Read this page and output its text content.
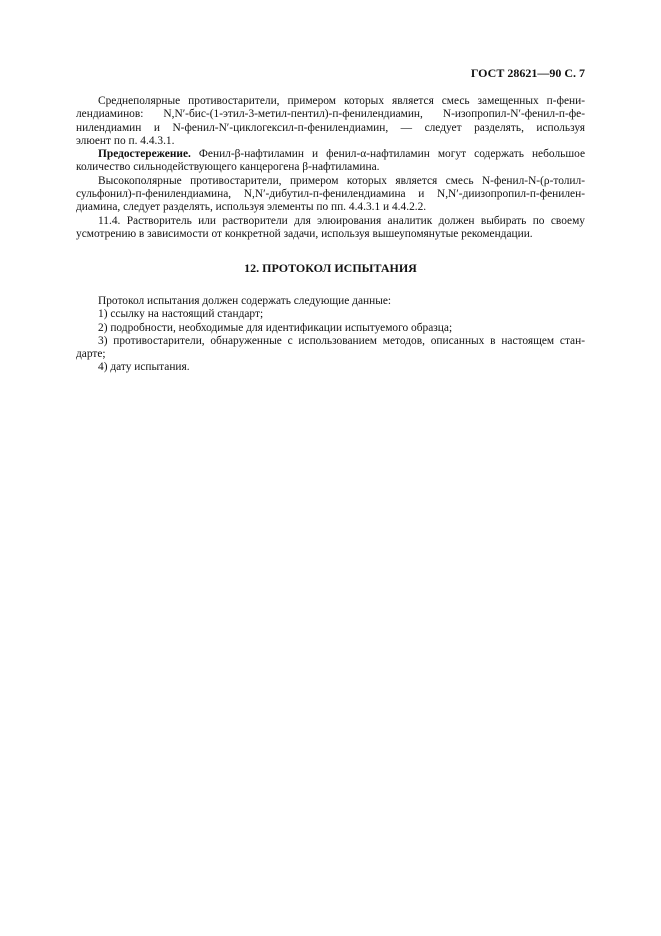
ГОСТ 28621—90 С. 7
Среднеполярные противостарители, примером которых является смесь замещенных п-фени-
лендиаминов: N,N′-бис-(1-этил-3-метил-пентил)-п-фенилендиамин, N-изопропил-N′-фенил-п-фе-
нилендиамин и N-фенил-N′-циклогексил-п-фенилендиамин, — следует разделять, используя
элюент по п. 4.4.3.1.
Предостережение. Фенил-β-нафтиламин и фенил-α-нафтиламин могут содержать небольшое
количество сильнодействующего канцерогена β-нафтиламина.
Высокополярные противостарители, примером которых является смесь N-фенил-N-(ρ-толил-
сульфонил)-п-фенилендиамина, N,N′-дибутил-п-фенилендиамина и N,N′-диизопропил-п-фенилен-
диамина, следует разделять, используя элементы по пп. 4.4.3.1 и 4.4.2.2.
11.4. Растворитель или растворители для элюирования аналитик должен выбирать по своему
усмотрению в зависимости от конкретной задачи, используя вышеупомянутые рекомендации.
12. ПРОТОКОЛ ИСПЫТАНИЯ
Протокол испытания должен содержать следующие данные:
1) ссылку на настоящий стандарт;
2) подробности, необходимые для идентификации испытуемого образца;
3) противостарители, обнаруженные с использованием методов, описанных в настоящем стан-
дарте;
4) дату испытания.
